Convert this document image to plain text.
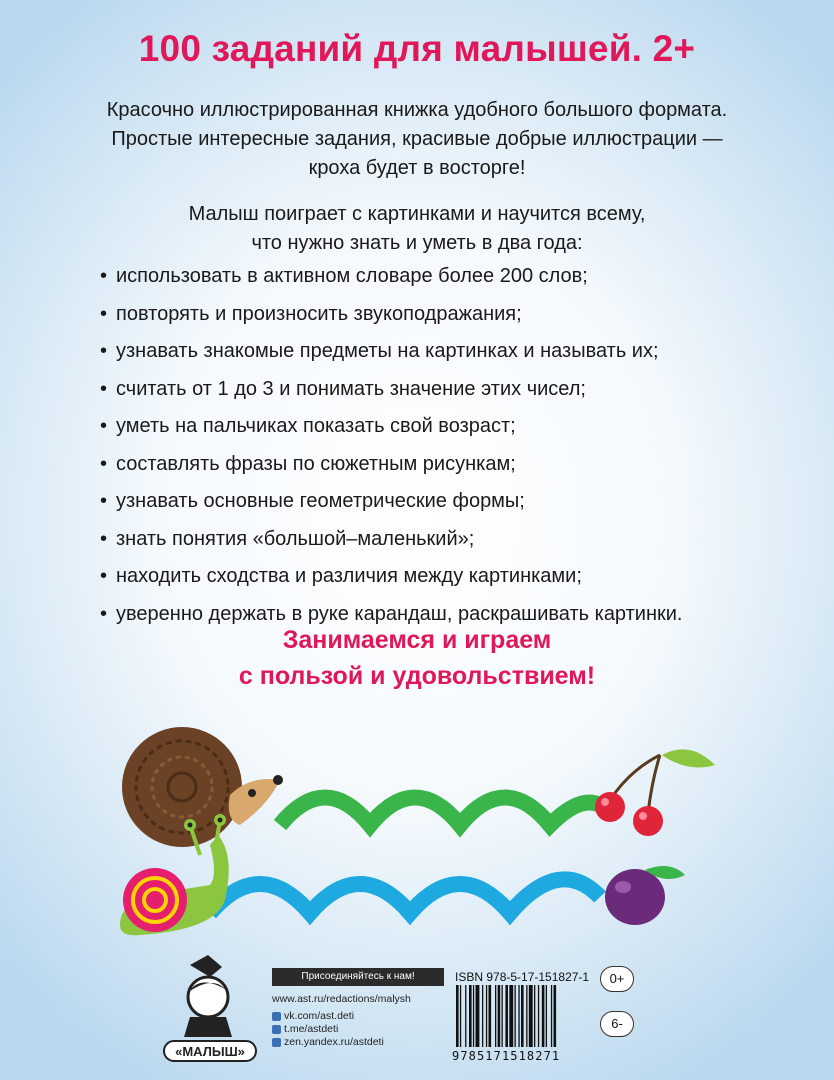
100 заданий для малышей. 2+
Красочно иллюстрированная книжка удобного большого формата.
Простые интересные задания, красивые добрые иллюстрации —
кроха будет в восторге!
Малыш поиграет с картинками и научится всему,
что нужно знать и уметь в два года:
• использовать в активном словаре более 200 слов;
• повторять и произносить звукоподражания;
• узнавать знакомые предметы на картинках и называть их;
• считать от 1 до 3 и понимать значение этих чисел;
• уметь на пальчиках показать свой возраст;
• составлять фразы по сюжетным рисункам;
• узнавать основные геометрические формы;
• знать понятия «большой–маленький»;
• находить сходства и различия между картинками;
• уверенно держать в руке карандаш, раскрашивать картинки.
Занимаемся и играем
с пользой и удовольствием!
«МАЛЫШ»
Присоединяйтесь к нам!
www.ast.ru/redactions/malysh
vk.com/ast.deti
t.me/astdeti
zen.yandex.ru/astdeti
ISBN 978-5-17-151827-1
9785171518271
0+
6-
